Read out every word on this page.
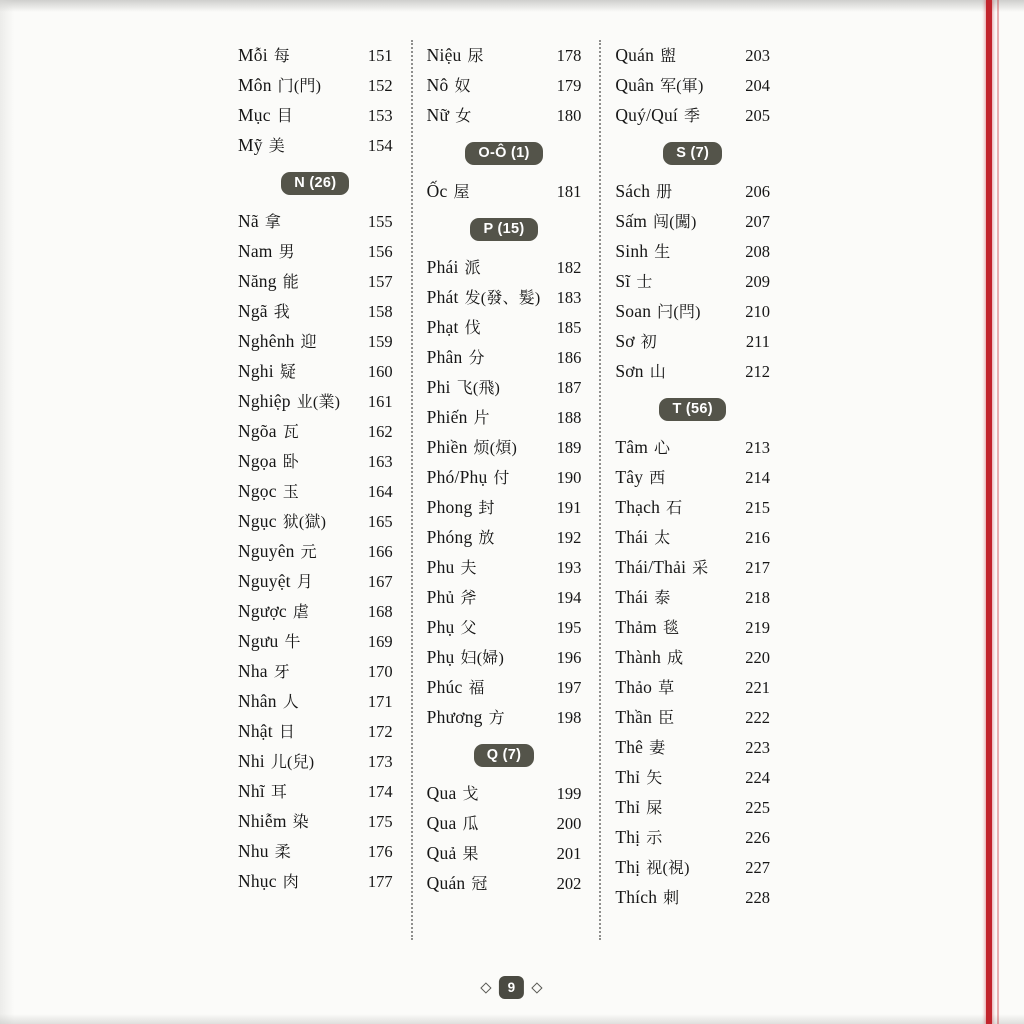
Mỗi 每	151
Môn 门(門)	152
Mục 目	153
Mỹ 美	154
N (26)
Nã 拿	155
Nam 男	156
Năng 能	157
Ngã 我	158
Nghênh 迎	159
Nghi 疑	160
Nghiệp 业(業) 161
Ngõa 瓦	162
Ngọa 卧	163
Ngọc 玉	164
Ngục 狱(獄)	165
Nguyên 元	166
Nguyệt 月	167
Ngược 虐	168
Ngưu 牛	169
Nha 牙	170
Nhân 人	171
Nhật 日	172
Nhi 儿(兒)	173
Nhĩ 耳	174
Nhiễm 染	175
Nhu 柔	176
Nhục 肉	177
Niệu 尿	178
Nô 奴	179
Nữ 女	180
O-Ô (1)
Ốc 屋	181
P (15)
Phái 派	182
Phát 发(發、髮) 183
Phạt 伐	185
Phân 分	186
Phi 飞(飛)	187
Phiến 片	188
Phiền 烦(煩) 189
Phó/Phụ 付	190
Phong 封	191
Phóng 放	192
Phu 夫	193
Phủ 斧	194
Phụ 父	195
Phụ 妇(婦)	196
Phúc 福	197
Phương 方	198
Q (7)
Qua 戈	199
Qua 瓜	200
Quả 果	201
Quán 冠	202
Quán 盥	203
Quân 军(軍)	204
Quý/Quí 季	205
S (7)
Sách 册	206
Sấm 闯(闖)	207
Sinh 生	208
Sĩ 士	209
Soan 闩(閂)	210
Sơ 初	211
Sơn 山	212
T (56)
Tâm 心	213
Tây 西	214
Thạch 石	215
Thái 太	216
Thái/Thải 采 217
Thái 泰	218
Thảm 毯	219
Thành 成	220
Thảo 草	221
Thần 臣	222
Thê 妻	223
Thỉ 矢	224
Thỉ 屎	225
Thị 示	226
Thị 视(視)	227
Thích 刺	228
9
